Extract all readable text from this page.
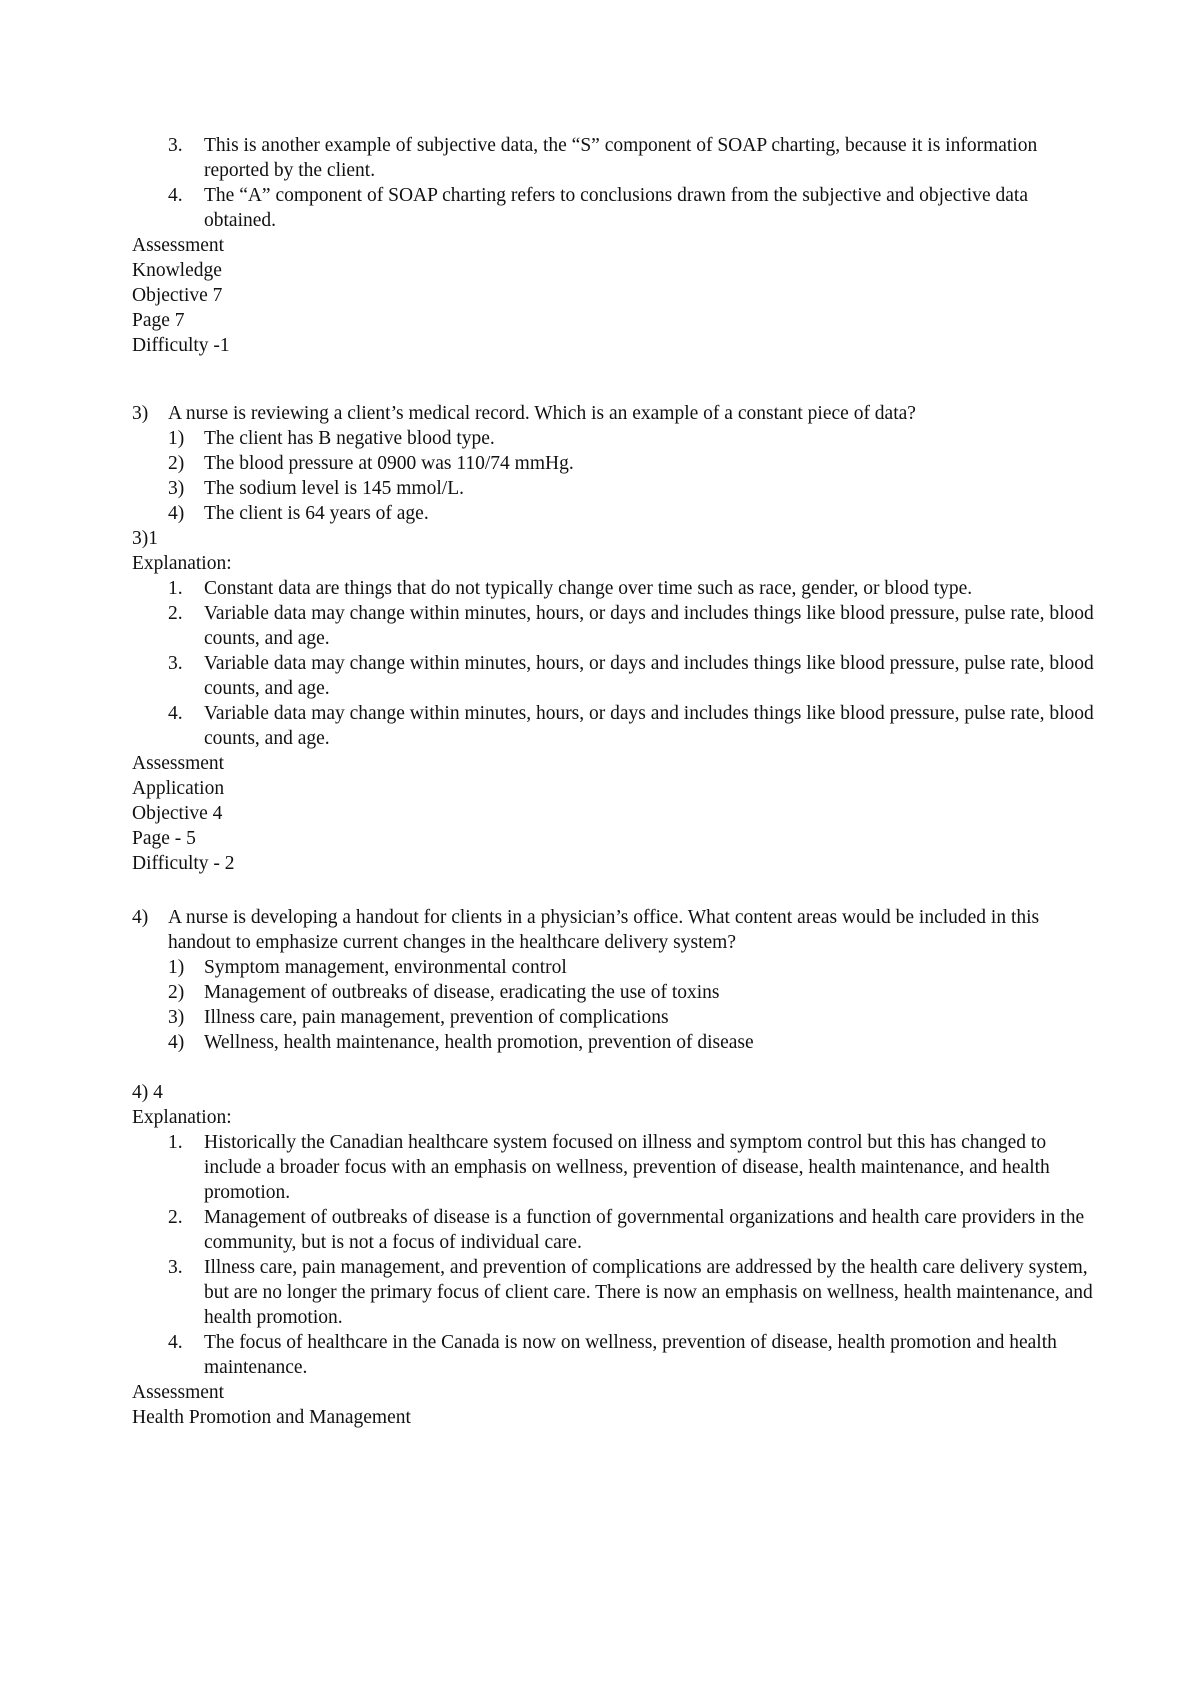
3. This is another example of subjective data, the “S” component of SOAP charting, because it is information reported by the client.
4. The “A” component of SOAP charting refers to conclusions drawn from the subjective and objective data obtained.
Assessment
Knowledge
Objective 7
Page 7
Difficulty -1
3) A nurse is reviewing a client’s medical record. Which is an example of a constant piece of data?
1) The client has B negative blood type.
2) The blood pressure at 0900 was 110/74 mmHg.
3) The sodium level is 145 mmol/L.
4) The client is 64 years of age.
3)1
Explanation:
1. Constant data are things that do not typically change over time such as race, gender, or blood type.
2. Variable data may change within minutes, hours, or days and includes things like blood pressure, pulse rate, blood counts, and age.
3. Variable data may change within minutes, hours, or days and includes things like blood pressure, pulse rate, blood counts, and age.
4. Variable data may change within minutes, hours, or days and includes things like blood pressure, pulse rate, blood counts, and age.
Assessment
Application
Objective 4
Page - 5
Difficulty - 2
4) A nurse is developing a handout for clients in a physician’s office. What content areas would be included in this handout to emphasize current changes in the healthcare delivery system?
1) Symptom management, environmental control
2) Management of outbreaks of disease, eradicating the use of toxins
3) Illness care, pain management, prevention of complications
4) Wellness, health maintenance, health promotion, prevention of disease
4) 4
Explanation:
1. Historically the Canadian healthcare system focused on illness and symptom control but this has changed to include a broader focus with an emphasis on wellness, prevention of disease, health maintenance, and health promotion.
2. Management of outbreaks of disease is a function of governmental organizations and health care providers in the community, but is not a focus of individual care.
3. Illness care, pain management, and prevention of complications are addressed by the health care delivery system, but are no longer the primary focus of client care. There is now an emphasis on wellness, health maintenance, and health promotion.
4. The focus of healthcare in the Canada is now on wellness, prevention of disease, health promotion and health maintenance.
Assessment
Health Promotion and Management
